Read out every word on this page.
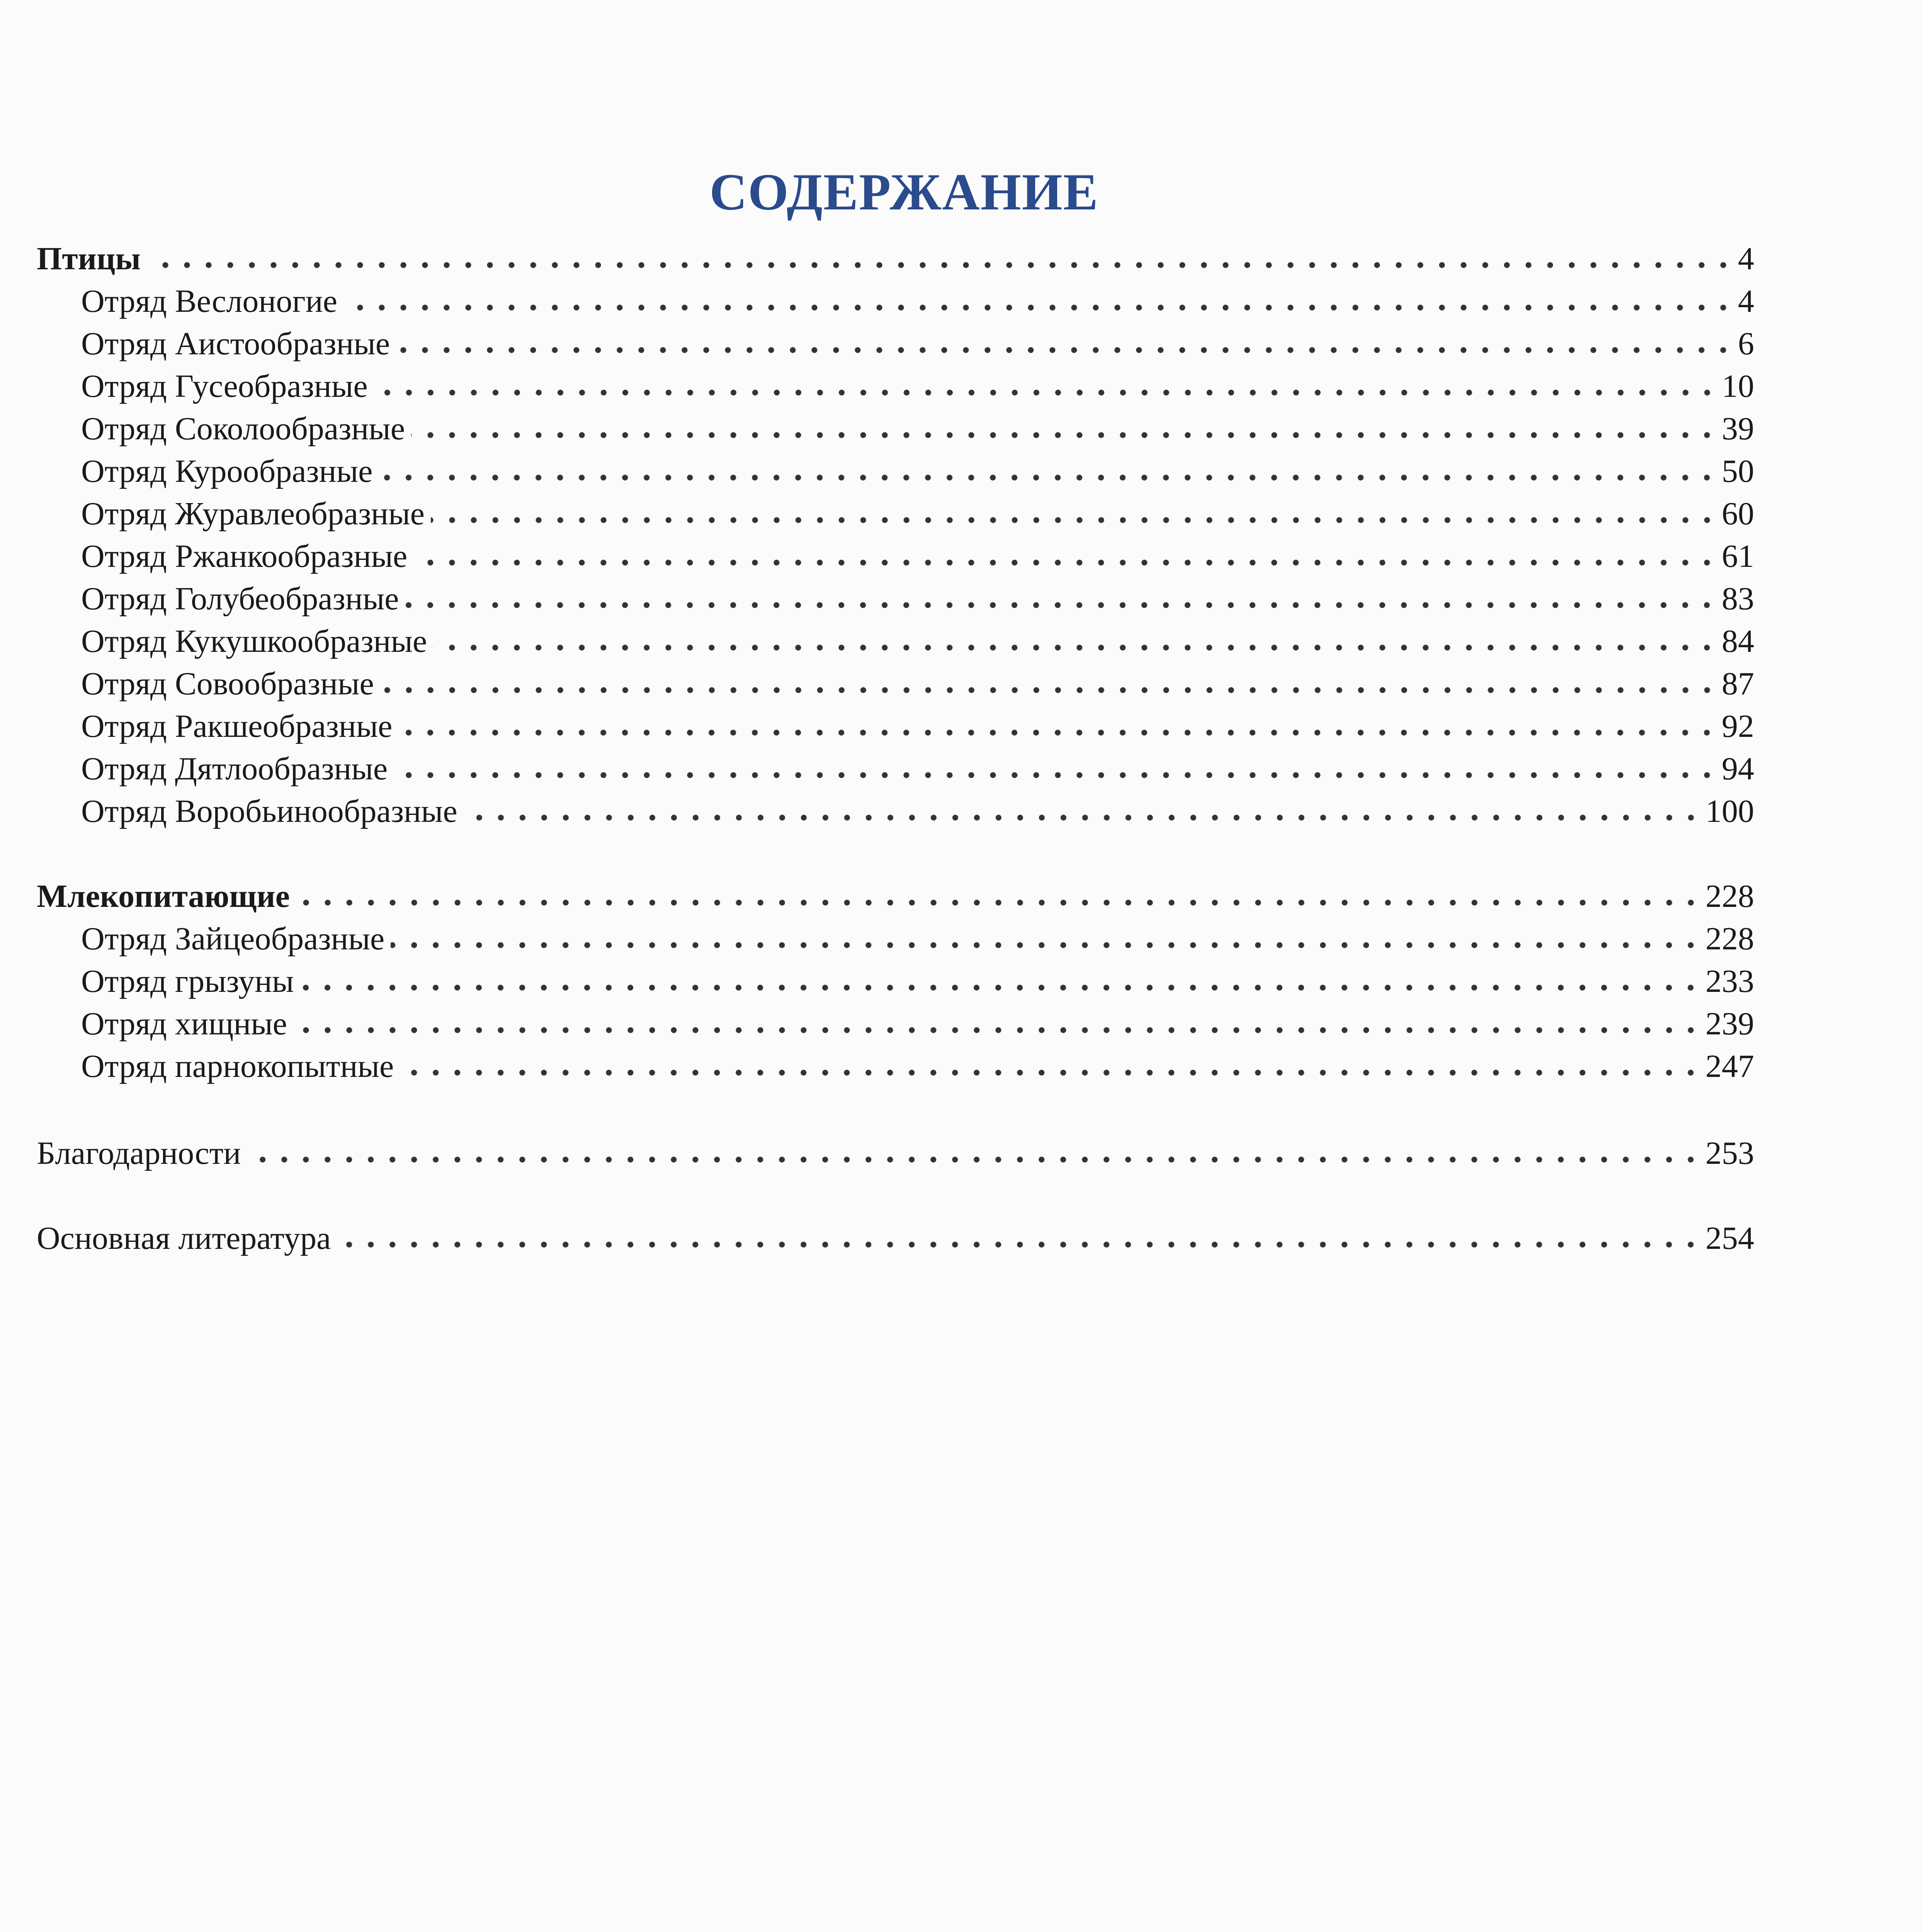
СОДЕРЖАНИЕ
Птицы	4
Отряд Веслоногие	4
Отряд Аистообразные	6
Отряд Гусеобразные	10
Отряд Соколообразные	39
Отряд Курообразные	50
Отряд Журавлеобразные	60
Отряд Ржанкообразные	61
Отряд Голубеобразные	83
Отряд Кукушкообразные	84
Отряд Совообразные	87
Отряд Ракшеобразные	92
Отряд Дятлообразные	94
Отряд Воробьинообразные	100
Млекопитающие	228
Отряд Зайцеобразные	228
Отряд грызуны	233
Отряд хищные	239
Отряд парнокопытные	247
Благодарности	253
Основная литература	254
